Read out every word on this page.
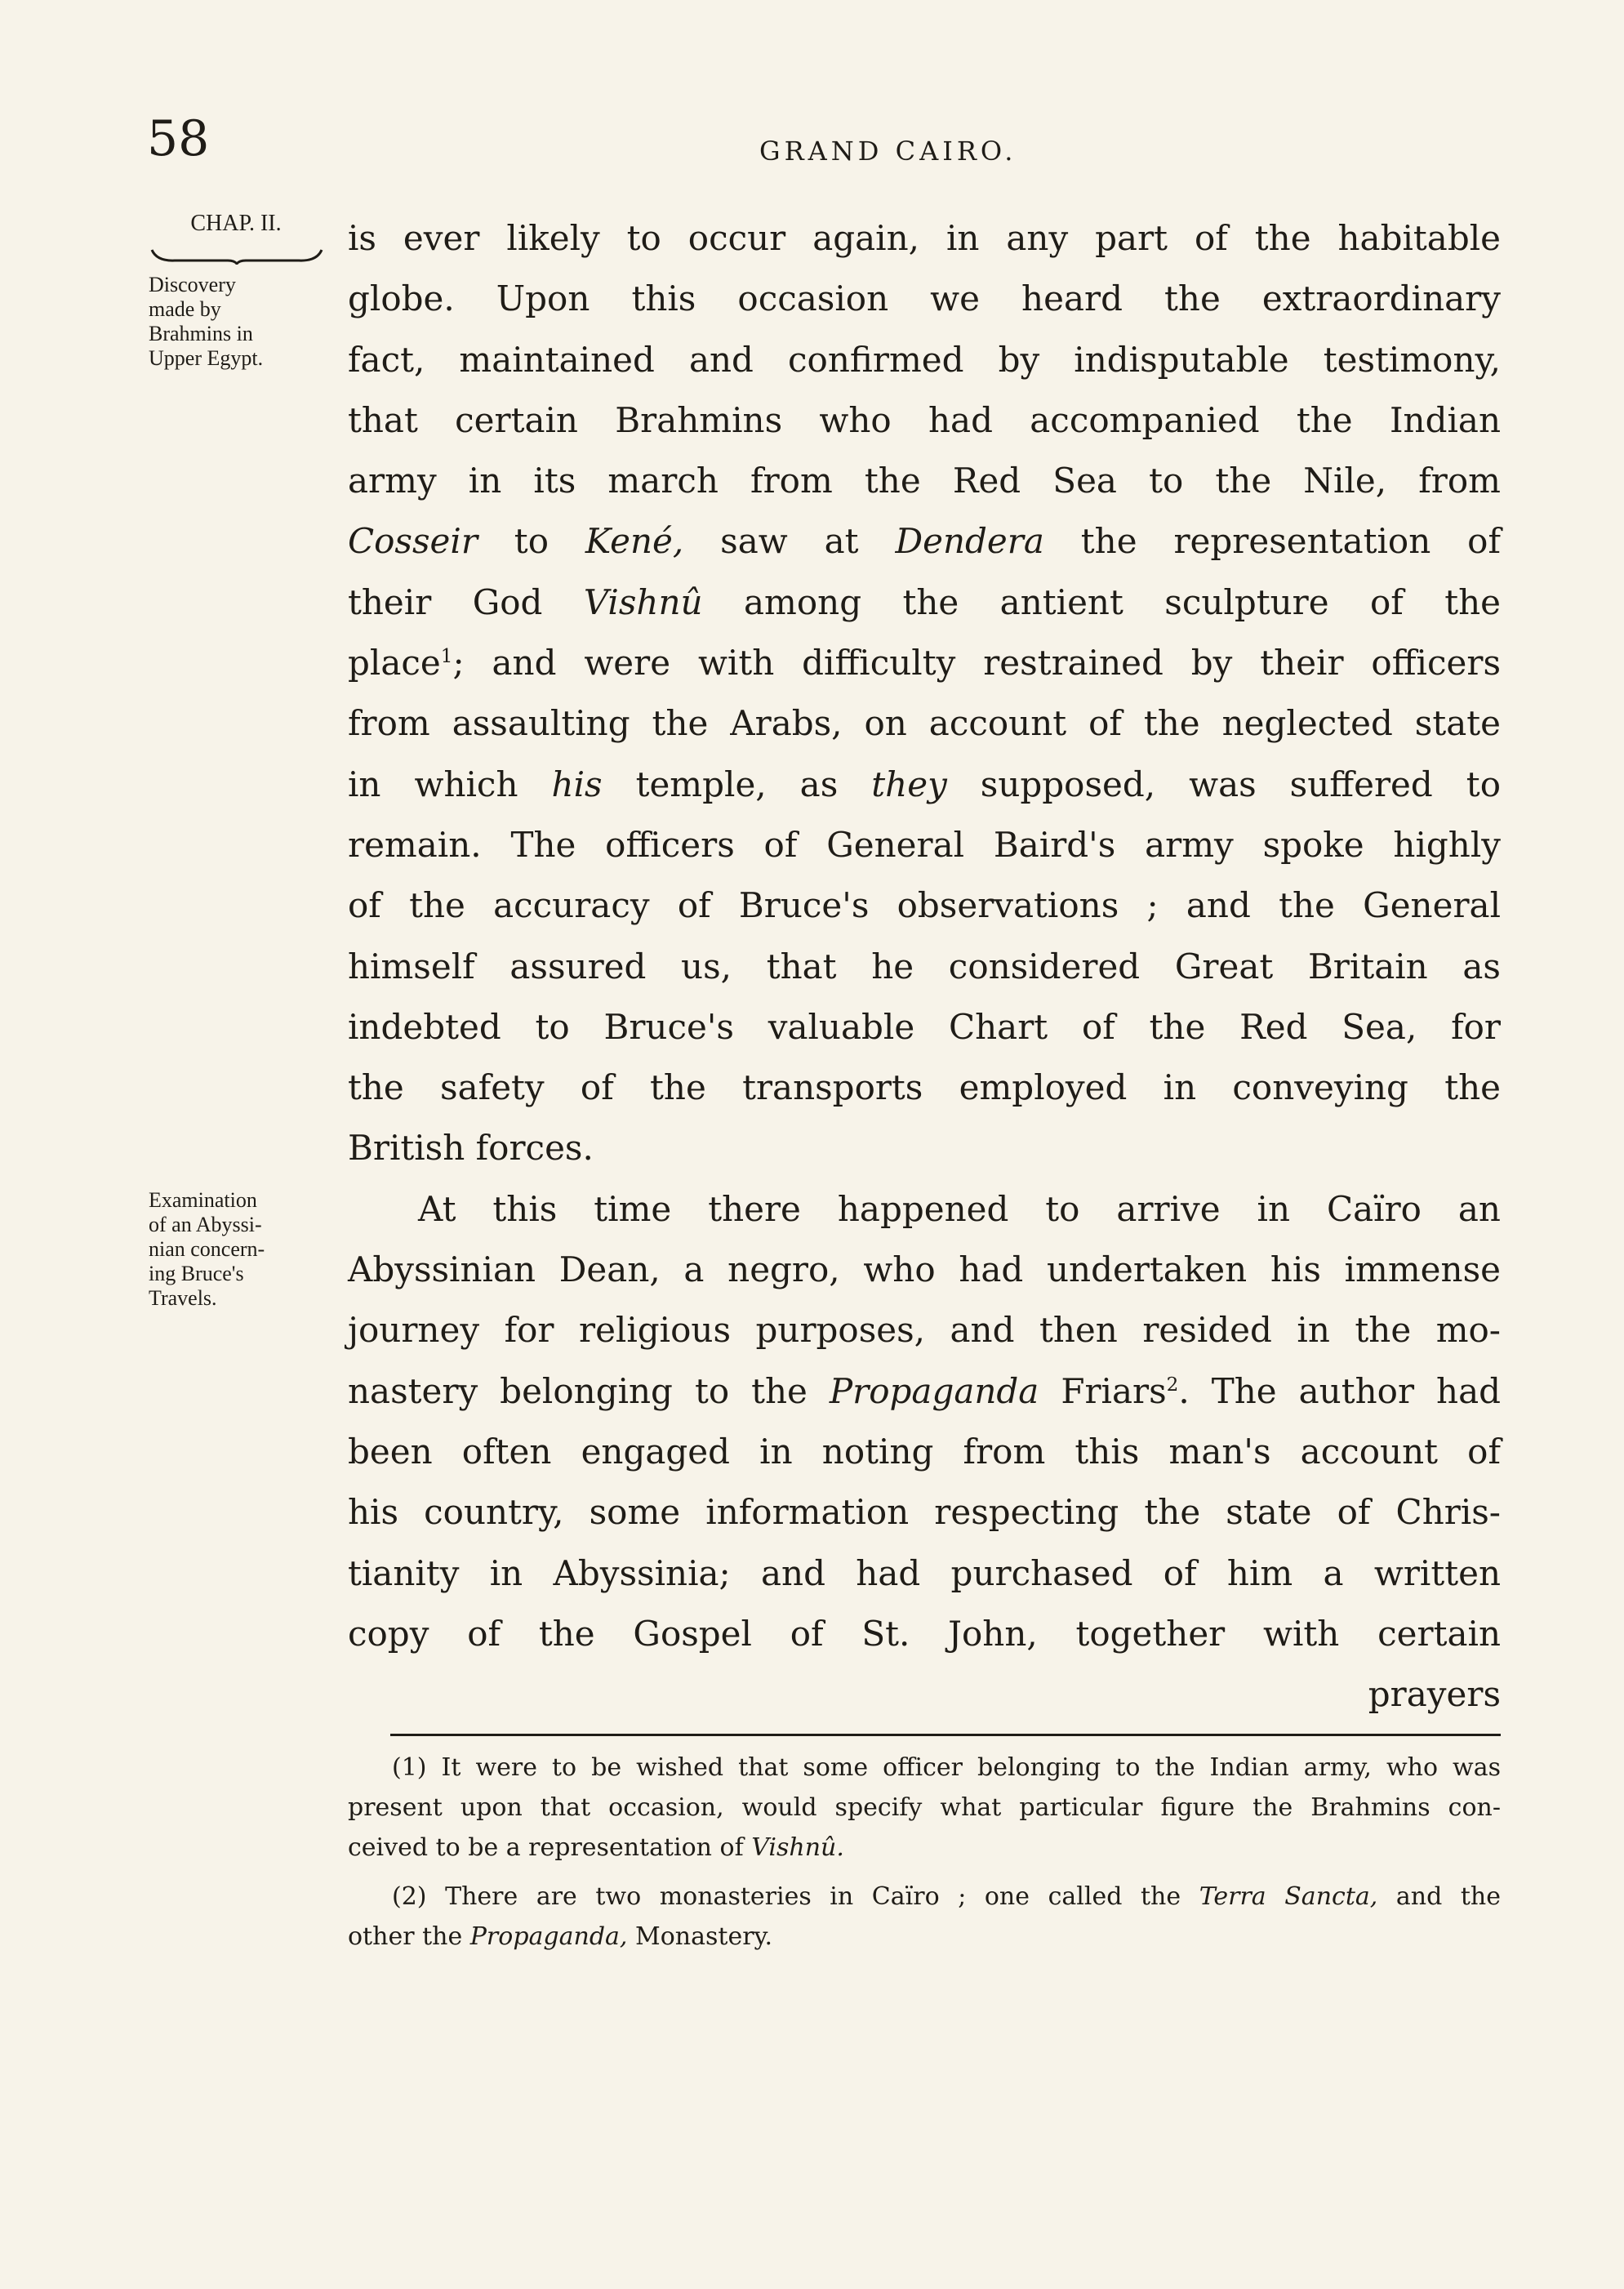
58	GRAND CAIRO.
CHAP. II.
Discovery
made by
Brahmins in
Upper Egypt.
Examination
of an Abyssi-
nian concern-
ing Bruce's
Travels.
is ever likely to occur again, in any part of the habitable
globe. Upon this occasion we heard the extraordinary
fact, maintained and confirmed by indisputable testimony,
that certain Brahmins who had accompanied the Indian
army in its march from the Red Sea to the Nile, from
Cosseir to Kené, saw at Dendera the representation of
their God Vishnû among the antient sculpture of the
place$^1$; and were with difficulty restrained by their officers
from assaulting the Arabs, on account of the neglected state
in which his temple, as they supposed, was suffered to
remain. The officers of General Baird's army spoke highly
of the accuracy of Bruce's observations ; and the General
himself assured us, that he considered Great Britain as
indebted to Bruce's valuable Chart of the Red Sea, for
the safety of the transports employed in conveying the
British forces.
At this time there happened to arrive in Caïro an
Abyssinian Dean, a negro, who had undertaken his immense
journey for religious purposes, and then resided in the mo-
nastery belonging to the Propaganda Friars$^2$. The author had
been often engaged in noting from this man's account of
his country, some information respecting the state of Chris-
tianity in Abyssinia; and had purchased of him a written
copy of the Gospel of St. John, together with certain
prayers
(1) It were to be wished that some officer belonging to the Indian army, who was
present upon that occasion, would specify what particular figure the Brahmins con-
ceived to be a representation of Vishnû.
(2) There are two monasteries in Caïro ; one called the Terra Sancta, and the
other the Propaganda, Monastery.
